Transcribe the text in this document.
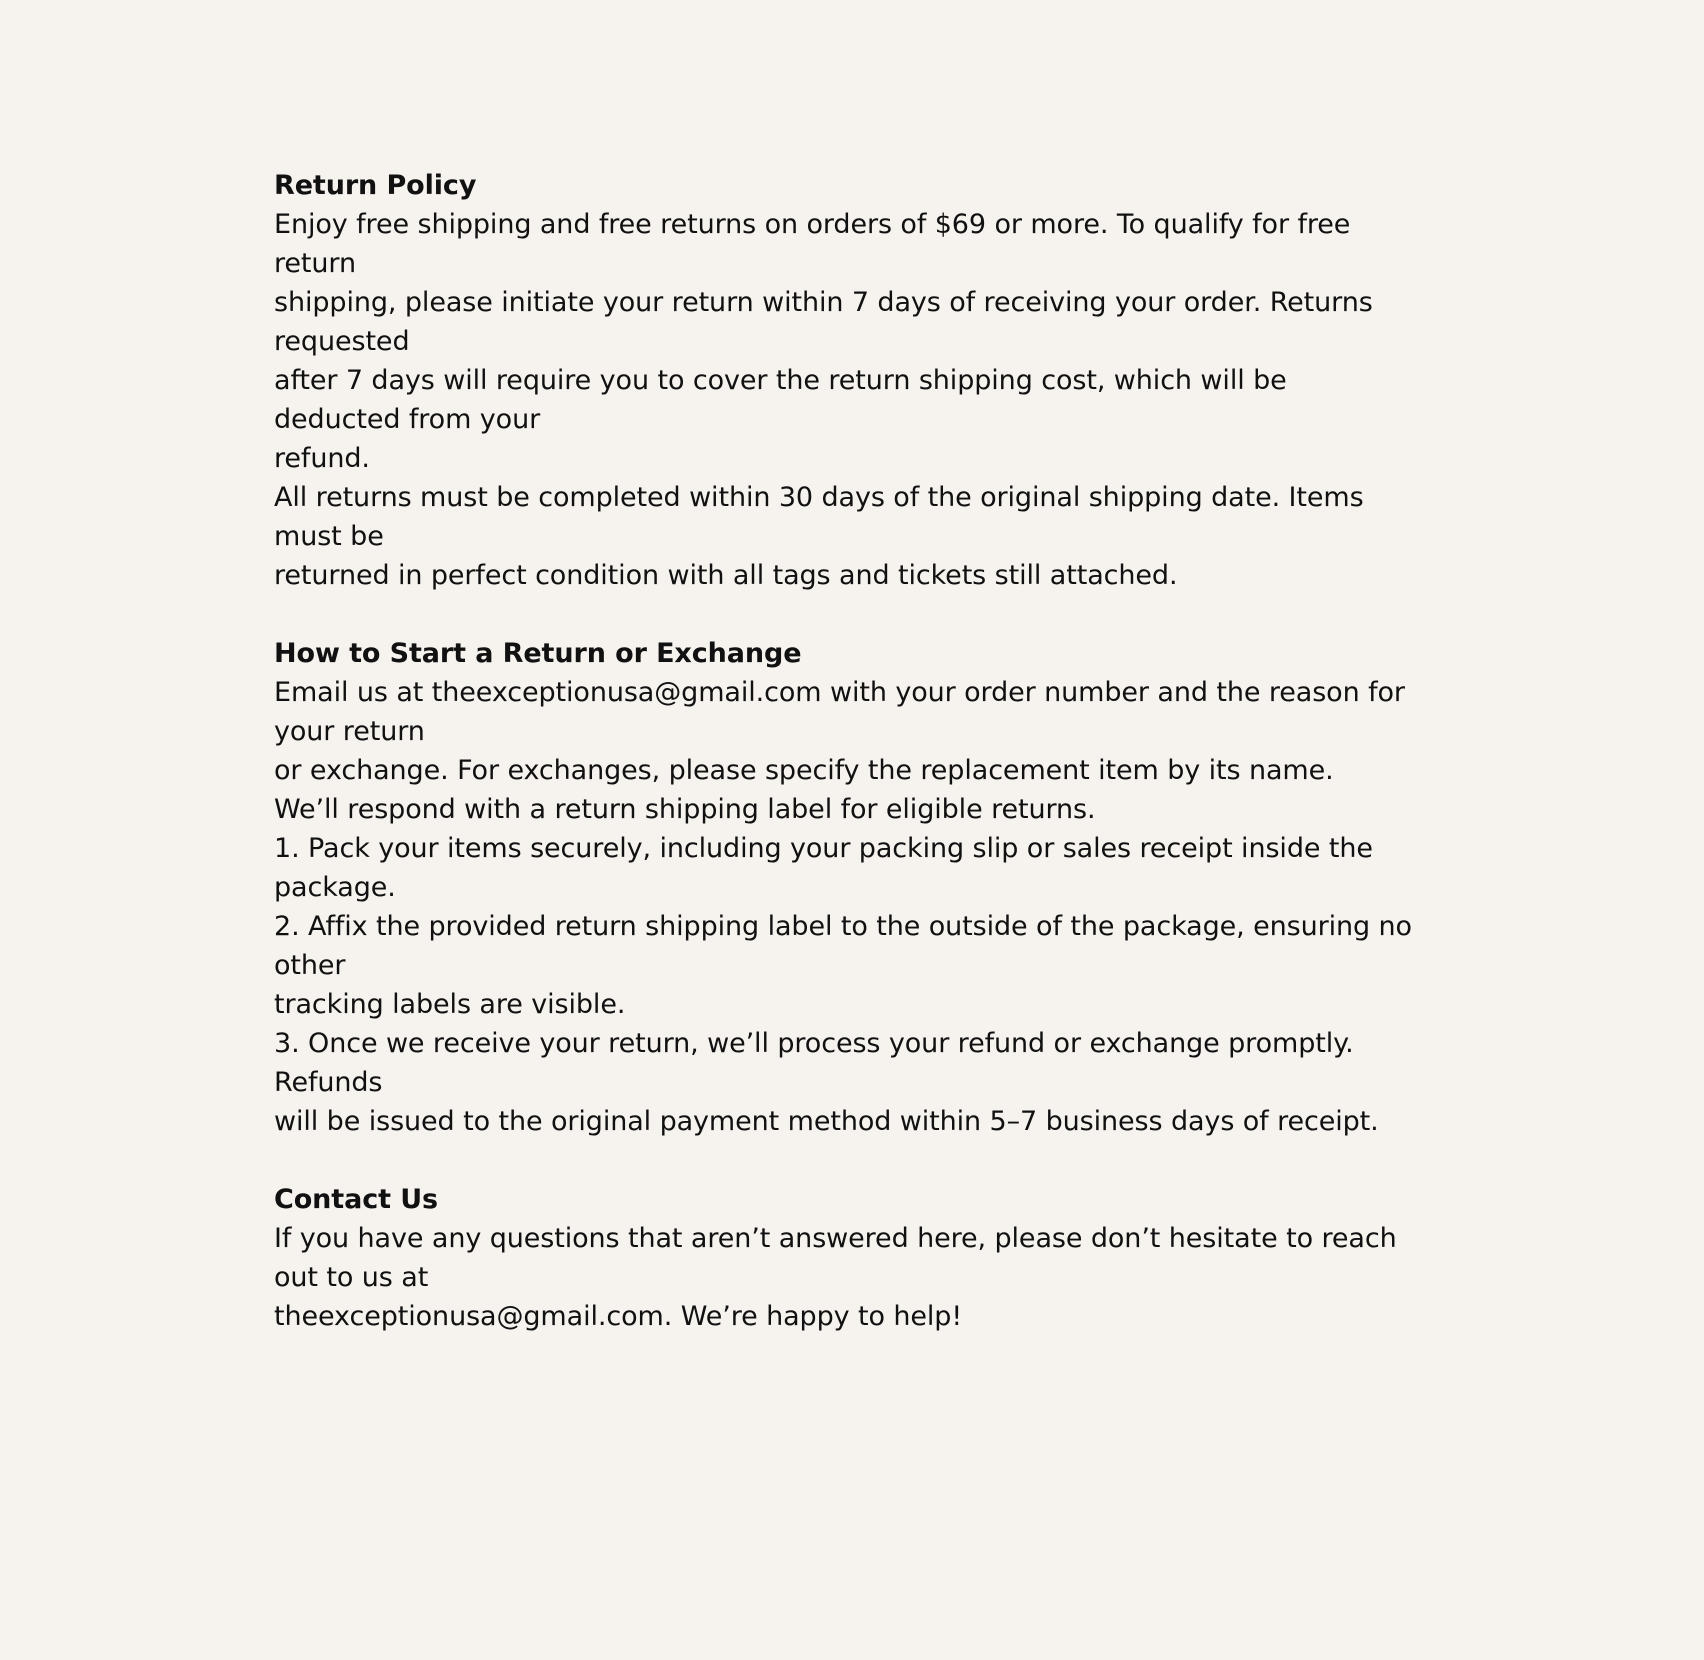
Return Policy
Enjoy free shipping and free returns on orders of $69 or more. To qualify for free
return
shipping, please initiate your return within 7 days of receiving your order. Returns
requested
after 7 days will require you to cover the return shipping cost, which will be
deducted from your
refund.
All returns must be completed within 30 days of the original shipping date. Items
must be
returned in perfect condition with all tags and tickets still attached.
How to Start a Return or Exchange
Email us at theexceptionusa@gmail.com with your order number and the reason for
your return
or exchange. For exchanges, please specify the replacement item by its name.
We’ll respond with a return shipping label for eligible returns.
1. Pack your items securely, including your packing slip or sales receipt inside the
package.
2. Affix the provided return shipping label to the outside of the package, ensuring no
other
tracking labels are visible.
3. Once we receive your return, we’ll process your refund or exchange promptly.
Refunds
will be issued to the original payment method within 5–7 business days of receipt.
Contact Us
If you have any questions that aren’t answered here, please don’t hesitate to reach
out to us at
theexceptionusa@gmail.com. We’re happy to help!
